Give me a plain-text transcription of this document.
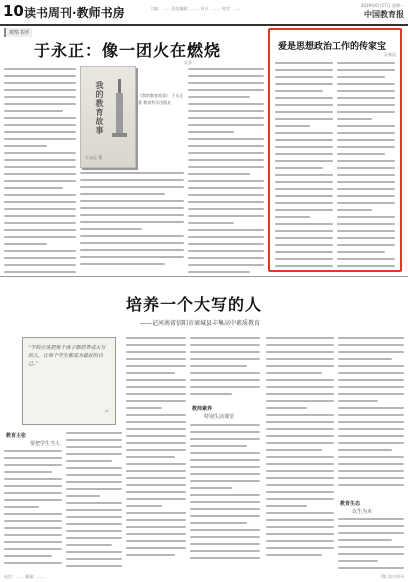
10 读书周刊·教师书房	主编：…… 责任编辑：…… 设计：…… 校对：……
2019年6月17日 星期一
中国教育报
观察书评
于永正：像一团火在燃烧
吴非
我的教育故事
于永正 著
《我的教育故事》 于永正 著 教育科学出版社
爱是思想政治工作的传家宝
吴春辰
培养一个大写的人
——记河南省信阳市商城县丰集高中素质教育
“学校应该把每个孩子都培养成大写的人，让每个学生都成为最好的自己。”
”
教育主张
要把学生当人
教师素养
特别生活课堂
教育生态
以生为本
电话：…… 邮箱：……	7版 读书周刊
